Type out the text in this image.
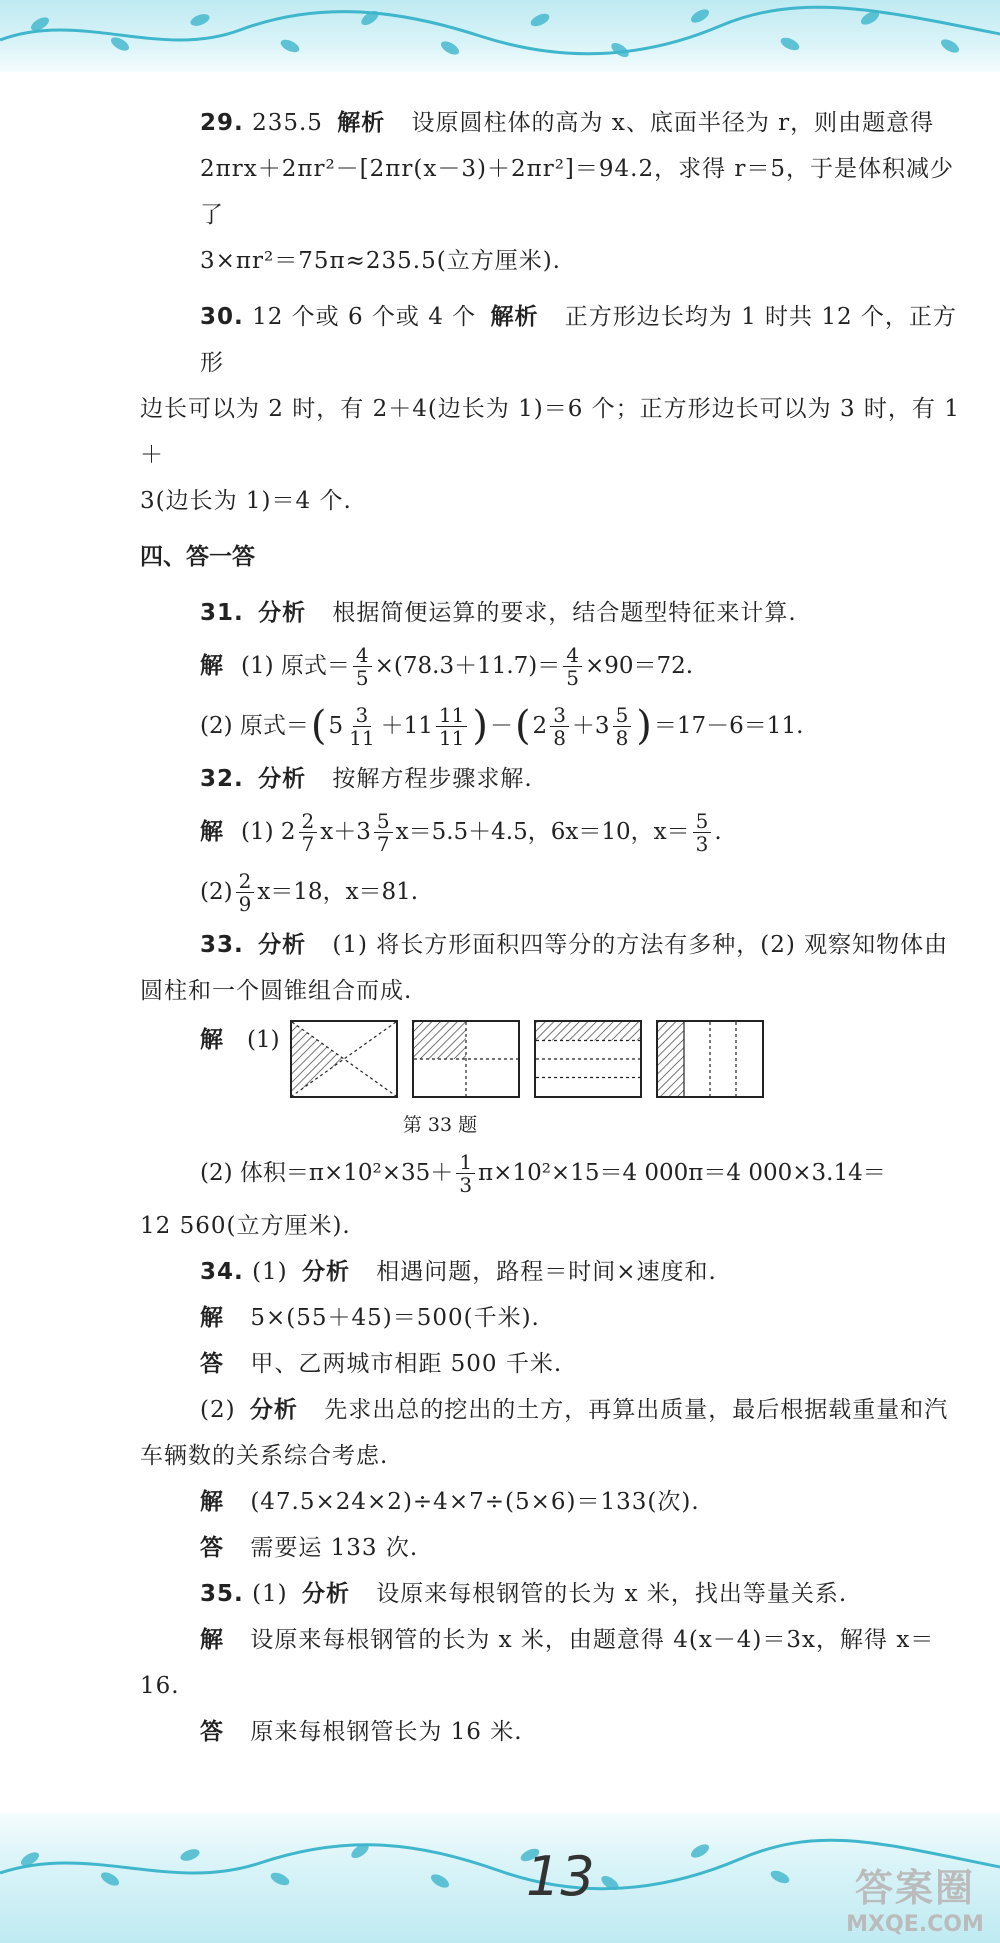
29. 235.5 解析 设原圆柱体的高为 x、底面半径为 r，则由题意得

2πrx＋2πr²－[2πr(x－3)＋2πr²]＝94.2，求得 r＝5，于是体积减少了

3×πr²＝75π≈235.5(立方厘米).

30. 12 个或 6 个或 4 个 解析 正方形边长均为 1 时共 12 个，正方形

边长可以为 2 时，有 2＋4(边长为 1)＝6 个；正方形边长可以为 3 时，有 1＋

3(边长为 1)＝4 个.

四、答一答

31. 分析 根据简便运算的要求，结合题型特征来计算.

解 (1) 原式＝ $\frac{4}{5} \times(78.3+11.7)= \frac{4}{5} \times 90=72$.
(2) 原式＝ ( $5 \frac{3}{11} +11 \frac{11}{11}$ ) － ( $2 \frac{3}{8} +3 \frac{5}{8}$ ) ＝17－6＝11.

32. 分析 按解方程步骤求解.

解 (1) $2 \frac{2}{7} x+3 \frac{5}{7} x=5.5+4.5$，6x＝10，$x= \frac{5}{3}$ .
$(2) \frac{2}{9} x=18$，x＝81.

33. 分析 (1) 将长方形面积四等分的方法有多种，(2) 观察知物体由

圆柱和一个圆锥组合而成.

解 (1)
第 33 题
(2) 体积$=\pi\times 10^2\times 35+ \frac{1}{3} \pi\times 10^2\times 15=4$ 000π＝4 000×3.14＝

12 560(立方厘米).

34. (1) 分析 相遇问题，路程＝时间×速度和.

解 5×(55＋45)＝500(千米).

答 甲、乙两城市相距 500 千米.

(2) 分析 先求出总的挖出的土方，再算出质量，最后根据载重量和汽

车辆数的关系综合考虑.

解 (47.5×24×2)÷4×7÷(5×6)＝133(次).

答 需要运 133 次.

35. (1) 分析 设原来每根钢管的长为 x 米，找出等量关系.

解 设原来每根钢管的长为 x 米，由题意得 4(x－4)＝3x，解得 x＝

16.

答 原来每根钢管长为 16 米.

13	答案圈
MXQE.COM
